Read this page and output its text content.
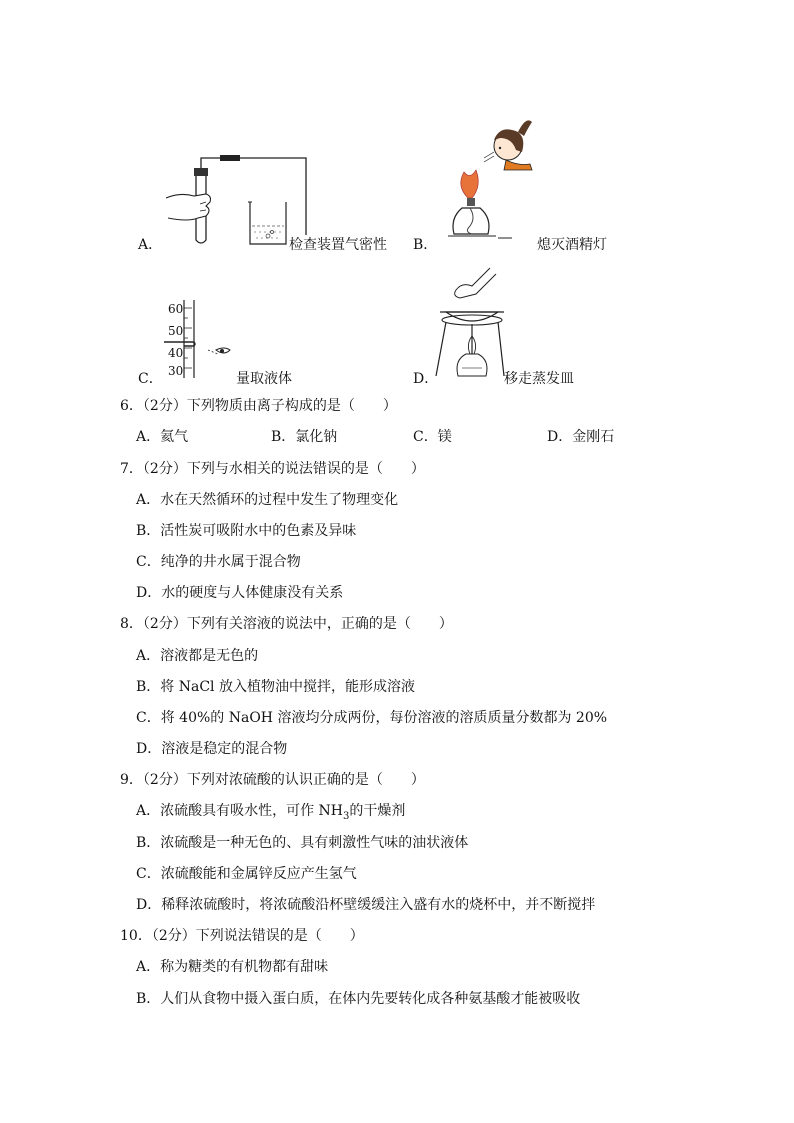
A．	检查装置气密性 B．	熄灭酒精灯
60
50
40
30
C．	量取液体	D．	移走蒸发皿
6．（2分）下列物质由离子构成的是（　　）
A．氦气	B．氯化钠	C．镁	D．金刚石
7．（2分）下列与水相关的说法错误的是（　　）
A．水在天然循环的过程中发生了物理变化
B．活性炭可吸附水中的色素及异味
C．纯净的井水属于混合物
D．水的硬度与人体健康没有关系
8．（2分）下列有关溶液的说法中，正确的是（　　）
A．溶液都是无色的
B．将 NaCl 放入植物油中搅拌，能形成溶液
C．将 40%的 NaOH 溶液均分成两份，每份溶液的溶质质量分数都为 20%
D．溶液是稳定的混合物
9．（2分）下列对浓硫酸的认识正确的是（　　）
A．浓硫酸具有吸水性，可作 $NH_3$的干燥剂
B．浓硫酸是一种无色的、具有刺激性气味的油状液体
C．浓硫酸能和金属锌反应产生氢气
D．稀释浓硫酸时，将浓硫酸沿杯壁缓缓注入盛有水的烧杯中，并不断搅拌
10．（2分）下列说法错误的是（　　）
A．称为糖类的有机物都有甜味
B．人们从食物中摄入蛋白质，在体内先要转化成各种氨基酸才能被吸收
